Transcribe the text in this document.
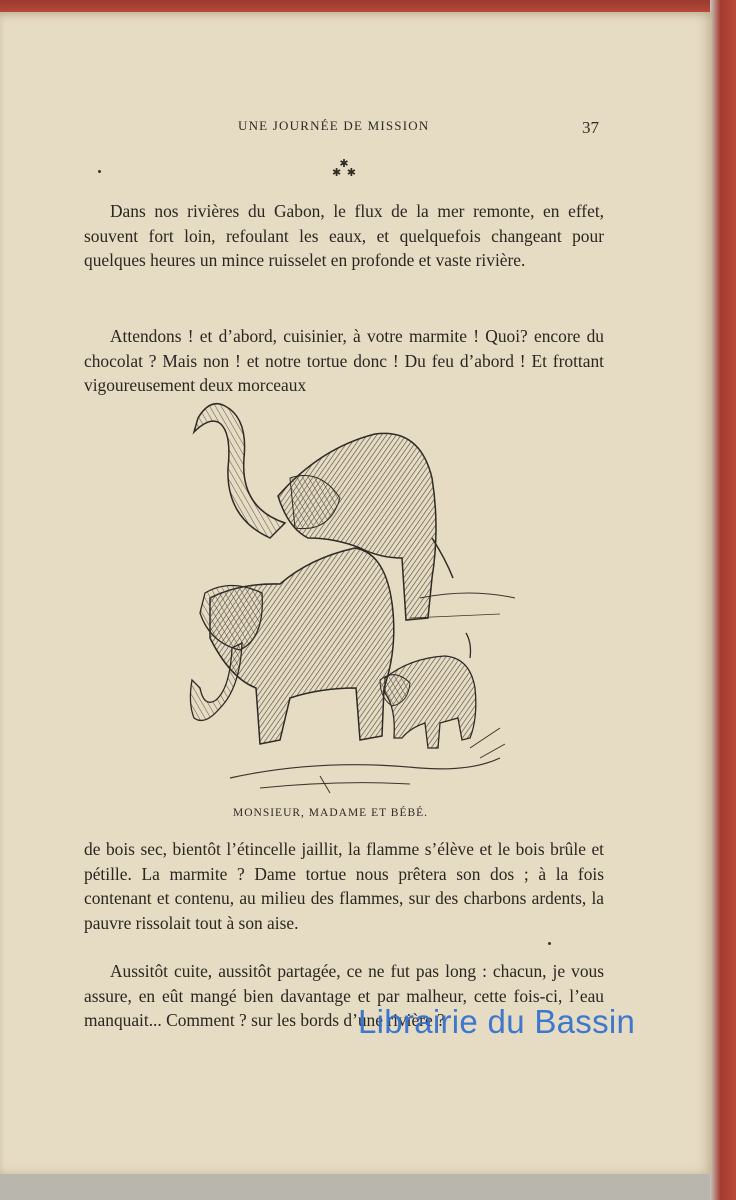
UNE JOURNÉE DE MISSION	37
✱
✱  ✱

Dans nos rivières du Gabon, le flux de la mer remonte, en effet, souvent fort loin, refoulant les eaux, et quelquefois changeant pour quelques heures un mince ruisselet en profonde et vaste rivière.

Attendons ! et d’abord, cuisinier, à votre marmite ! Quoi? encore du chocolat ? Mais non ! et notre tortue donc ! Du feu d’abord ! Et frottant vigoureusement deux morceaux

MONSIEUR, MADAME ET BÉBÉ.

de bois sec, bientôt l’étincelle jaillit, la flamme s’élève et le bois brûle et pétille. La marmite ? Dame tortue nous prêtera son dos ; à la fois contenant et contenu, au milieu des flammes, sur des charbons ardents, la pauvre rissolait tout à son aise.

Aussitôt cuite, aussitôt partagée, ce ne fut pas long : chacun, je vous assure, en eût mangé bien davantage et par malheur, cette fois-ci, l’eau manquait... Comment ? sur les bords d’une rivière ?

Librairie du Bassin
